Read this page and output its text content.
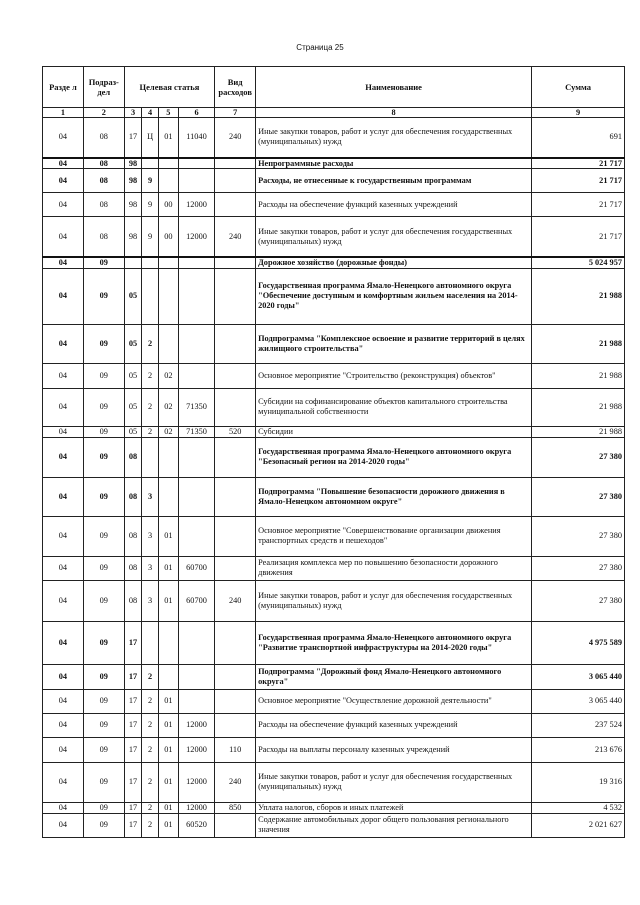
Страница 25
Разде л	Подраз-дел	Целевая статья				Вид расходов	Наименование	Сумма
1	2	3	4	5	6	7	8	9
04	08	17	Ц	01	11040	240	Иные закупки товаров, работ и услуг для обеспечения государственных (муниципальных) нужд	691
04	08	98					Непрограммные расходы	21 717
04	08	98	9				Расходы, не отнесенные к государственным программам	21 717
04	08	98	9	00	12000		Расходы на обеспечение функций казенных учреждений	21 717
04	08	98	9	00	12000	240	Иные закупки товаров, работ и услуг для обеспечения государственных (муниципальных) нужд	21 717
04	09						Дорожное хозяйство (дорожные фонды)	5 024 957
04	09	05					Государственная программа Ямало-Ненецкого автономного округа "Обеспечение доступным и комфортным жильем населения на 2014-2020 годы"	21 988
04	09	05	2				Подпрограмма "Комплексное освоение и развитие территорий в целях жилищного строительства"	21 988
04	09	05	2	02			Основное мероприятие "Строительство (реконструкция) объектов"	21 988
04	09	05	2	02	71350		Субсидии на софинансирование объектов капитального строительства муниципальной собственности	21 988
04	09	05	2	02	71350	520	Субсидии	21 988
04	09	08					Государственная программа Ямало-Ненецкого автономного округа "Безопасный регион на 2014-2020 годы"	27 380
04	09	08	3				Подпрограмма "Повышение безопасности дорожного движения в Ямало-Ненецком автономном округе"	27 380
04	09	08	3	01			Основное мероприятие "Совершенствование организации движения транспортных средств и пешеходов"	27 380
04	09	08	3	01	60700		Реализация комплекса мер по повышению безопасности дорожного движения	27 380
04	09	08	3	01	60700	240	Иные закупки товаров, работ и услуг для обеспечения государственных (муниципальных) нужд	27 380
04	09	17					Государственная программа Ямало-Ненецкого автономного округа "Развитие транспортной инфраструктуры на 2014-2020 годы"	4 975 589
04	09	17	2				Подпрограмма "Дорожный фонд Ямало-Ненецкого автономного округа"	3 065 440
04	09	17	2	01			Основное мероприятие "Осуществление дорожной деятельности"	3 065 440
04	09	17	2	01	12000		Расходы на обеспечение функций казенных учреждений	237 524
04	09	17	2	01	12000	110	Расходы на выплаты персоналу казенных учреждений	213 676
04	09	17	2	01	12000	240	Иные закупки товаров, работ и услуг для обеспечения государственных (муниципальных) нужд	19 316
04	09	17	2	01	12000	850	Уплата налогов, сборов и иных платежей	4 532
04	09	17	2	01	60520		Содержание автомобильных дорог общего пользования регионального значения	2 021 627
